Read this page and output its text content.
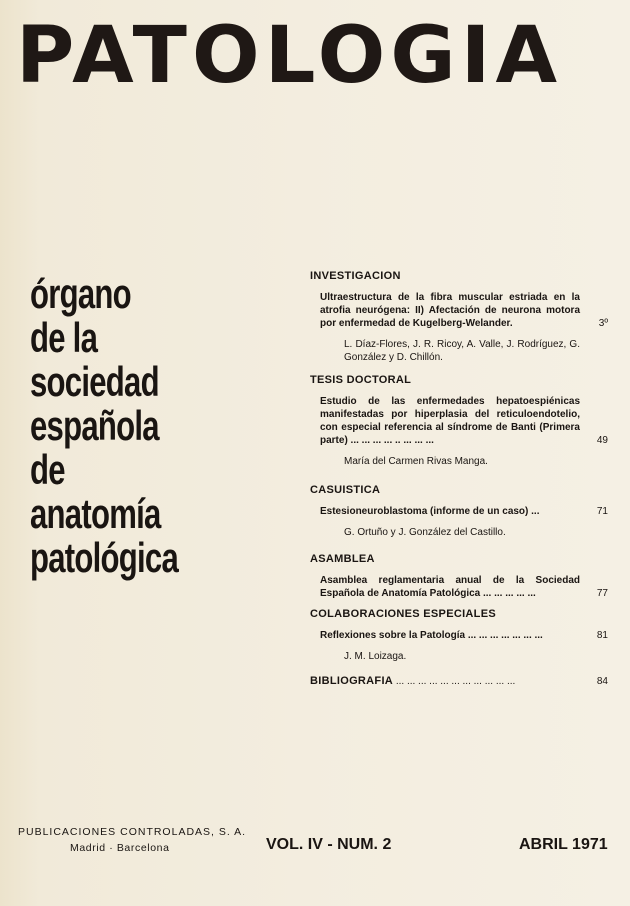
PATOLOGIA
órgano
de la
sociedad
española
de
anatomía
patológica
INVESTIGACION
Ultraestructura de la fibra muscular estriada en la atrofia neurógena: II) Afectación de neurona motora por enfermedad de Kugelberg-Welander.	3º
L. Díaz-Flores, J. R. Ricoy, A. Valle, J. Rodríguez, G. González y D. Chillón.
TESIS DOCTORAL
Estudio de las enfermedades hepatoespiénicas manifestadas por hiperplasia del reticuloendotelio, con especial referencia al síndrome de Banti (Primera parte) ... ... ... ... .. ... ... ...	49
María del Carmen Rivas Manga.
CASUISTICA
Estesioneuroblastoma (informe de un caso) ...	71
G. Ortuño y J. González del Castillo.
ASAMBLEA
Asamblea reglamentaria anual de la Sociedad Española de Anatomía Patológica ... ... ... ... ...	77
COLABORACIONES ESPECIALES
Reflexiones sobre la Patología ... ... ... ... ... ... ...	81
J. M. Loizaga.
BIBLIOGRAFIA ... ... ... ... ... ... ... ... ... ... ...	84
PUBLICACIONES CONTROLADAS, S. A.
Madrid · Barcelona	VOL. IV - NUM. 2	ABRIL 1971
